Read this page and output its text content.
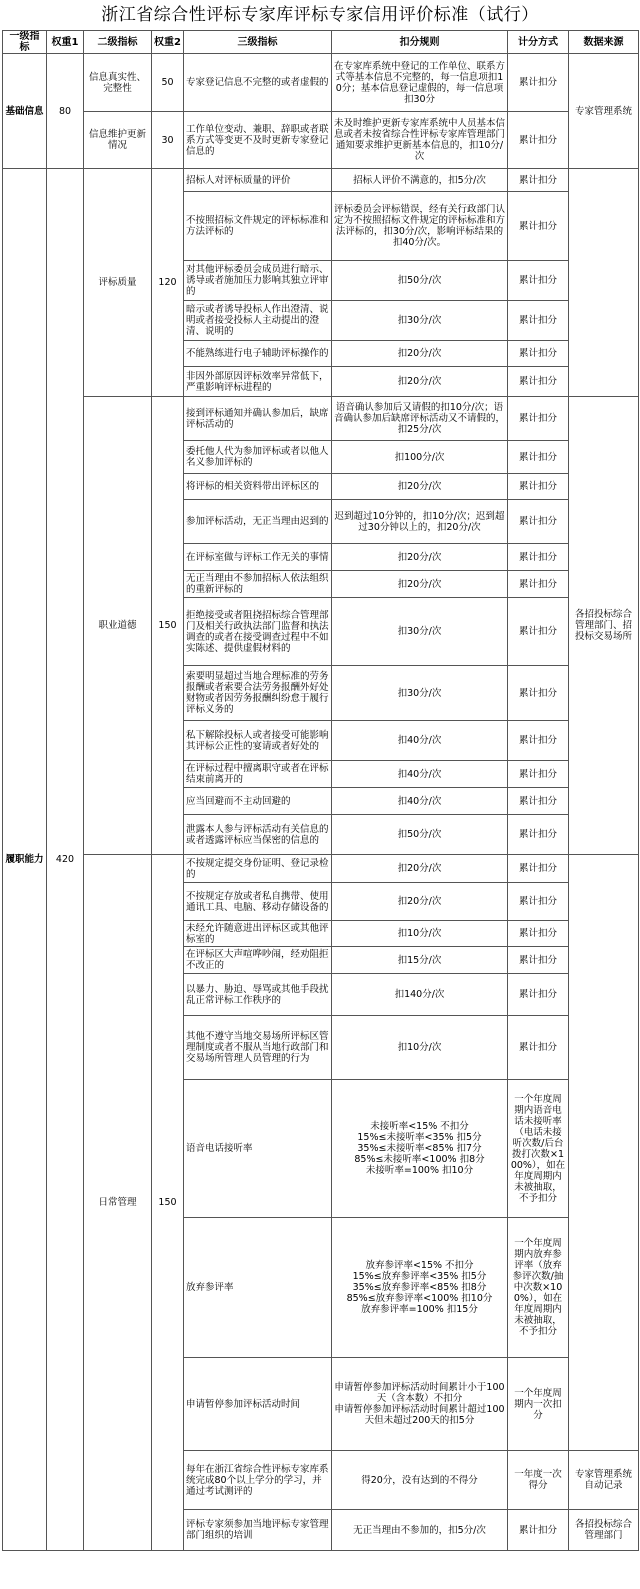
浙江省综合性评标专家库评标专家信用评价标准（试行）
一级指标	权重1	二级指标	权重2	三级指标	扣分规则	计分方式	数据来源
基础信息	80	信息真实性、完整性	50	专家登记信息不完整的或者虚假的	在专家库系统中登记的工作单位、联系方式等基本信息不完整的，每一信息项扣10分；基本信息登记虚假的，每一信息项扣30分	累计扣分	专家管理系统
		信息维护更新情况	30	工作单位变动、兼职、辞职或者联系方式等变更不及时更新专家登记信息的	未及时维护更新专家库系统中人员基本信息或者未按省综合性评标专家库管理部门通知要求维护更新基本信息的，扣10分/次	累计扣分	
履职能力	420	评标质量	120	招标人对评标质量的评价	招标人评价不满意的，扣5分/次	累计扣分	
				不按照招标文件规定的评标标准和方法评标的	评标委员会评标错误，经有关行政部门认定为不按照招标文件规定的评标标准和方法评标的，扣30分/次，影响评标结果的扣40分/次。	累计扣分	
				对其他评标委员会成员进行暗示、诱导或者施加压力影响其独立评审的	扣50分/次	累计扣分	
				暗示或者诱导投标人作出澄清、说明或者接受投标人主动提出的澄清、说明的	扣30分/次	累计扣分	
				不能熟练进行电子辅助评标操作的	扣20分/次	累计扣分	
				非因外部原因评标效率异常低下，严重影响评标进程的	扣20分/次	累计扣分	
		职业道德	150	接到评标通知并确认参加后，缺席评标活动的	语音确认参加后又请假的扣10分/次；语音确认参加后缺席评标活动又不请假的，扣25分/次	累计扣分	各招投标综合管理部门、招投标交易场所
				委托他人代为参加评标或者以他人名义参加评标的	扣100分/次	累计扣分	
				将评标的相关资料带出评标区的	扣20分/次	累计扣分	
				参加评标活动，无正当理由迟到的	迟到超过10分钟的，扣10分/次；迟到超过30分钟以上的，扣20分/次	累计扣分	
				在评标室做与评标工作无关的事情	扣20分/次	累计扣分	
				无正当理由不参加招标人依法组织的重新评标的	扣20分/次	累计扣分	
				拒绝接受或者阻挠招标综合管理部门及相关行政执法部门监督和执法调查的或者在接受调查过程中不如实陈述、提供虚假材料的	扣30分/次	累计扣分	
				索要明显超过当地合理标准的劳务报酬或者索要合法劳务报酬外好处财物或者因劳务报酬纠纷怠于履行评标义务的	扣30分/次	累计扣分	
				私下解除投标人或者接受可能影响其评标公正性的宴请或者好处的	扣40分/次	累计扣分	
				在评标过程中擅离职守或者在评标结束前离开的	扣40分/次	累计扣分	
				应当回避而不主动回避的	扣40分/次	累计扣分	
				泄露本人参与评标活动有关信息的或者透露评标应当保密的信息的	扣50分/次	累计扣分	
		日常管理	150	不按规定提交身份证明、登记录检的	扣20分/次	累计扣分	
				不按规定存放或者私自携带、使用通讯工具、电脑、移动存储设备的	扣20分/次	累计扣分	
				未经允许随意进出评标区或其他评标室的	扣10分/次	累计扣分	
				在评标区大声喧哗吵闹，经劝阻拒不改正的	扣15分/次	累计扣分	
				以暴力、胁迫、辱骂或其他手段扰乱正常评标工作秩序的	扣140分/次	累计扣分	
				其他不遵守当地交易场所评标区管理制度或者不服从当地行政部门和交易场所管理人员管理的行为	扣10分/次	累计扣分	
				语音电话接听率	未接听率<15% 不扣分
15%≤未接听率<35% 扣5分
35%≤未接听率<85% 扣7分
85%≤未接听率<100% 扣8分
未接听率=100% 扣10分	一个年度周期内语音电话未接听率（电话未接听次数/后台拨打次数×100%），如在年度周期内未被抽取，不予扣分	
				放弃参评率	放弃参评率<15% 不扣分
15%≤放弃参评率<35% 扣5分
35%≤放弃参评率<85% 扣8分
85%≤放弃参评率<100% 扣10分
放弃参评率=100% 扣15分	一个年度周期内放弃参评率（放弃参评次数/抽中次数×100%），如在年度周期内未被抽取，不予扣分	
				申请暂停参加评标活动时间	申请暂停参加评标活动时间累计小于100天（含本数）不扣分
申请暂停参加评标活动时间累计超过100天但未超过200天的扣5分	一个年度周期内一次扣分	
				每年在浙江省综合性评标专家库系统完成80个以上学分的学习，并通过考试测评的	得20分，没有达到的不得分	一年度一次得分	专家管理系统自动记录
				评标专家须参加当地评标专家管理部门组织的培训	无正当理由不参加的，扣5分/次	累计扣分	各招投标综合管理部门
